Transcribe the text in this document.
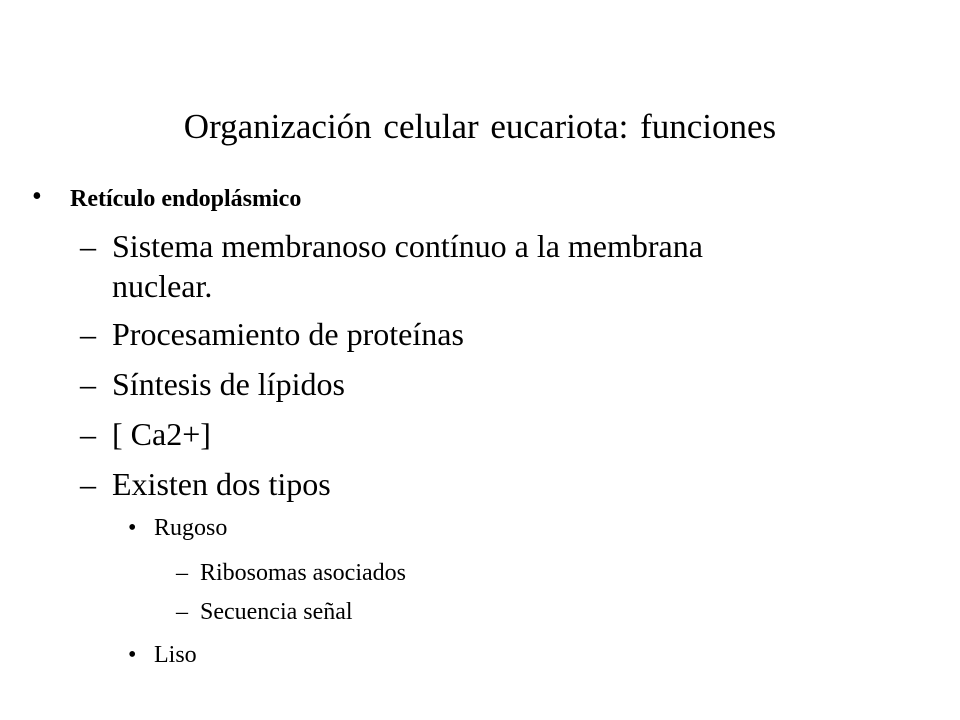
Organización celular eucariota: funciones
• Retículo endoplásmico
– Sistema membranoso contínuo a la membrana
nuclear.
– Procesamiento de proteínas
– Síntesis de lípidos
– [ Ca2+]
– Existen dos tipos
• Rugoso
– Ribosomas asociados
– Secuencia señal
• Liso
